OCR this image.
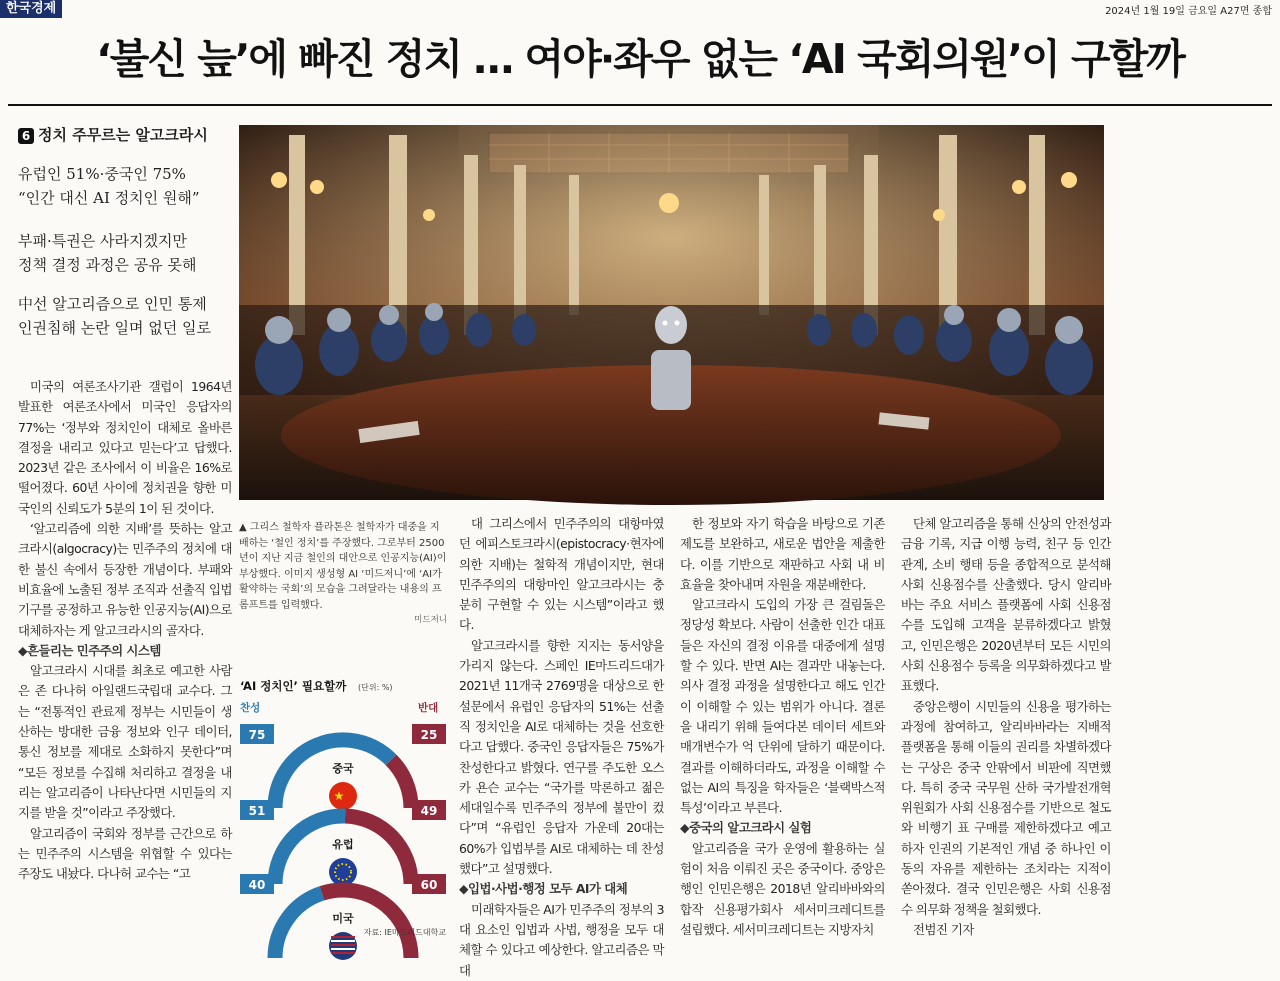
한국경제	2024년 1월 19일 금요일 A27면 종합
‘불신 늪’에 빠진 정치 … 여야·좌우 없는 ‘AI 국회의원’이 구할까
6 정치 주무르는 알고크라시
유럽인 51%·중국인 75%
“인간 대신 AI 정치인 원해”
부패·특권은 사라지겠지만
정책 결정 과정은 공유 못해
中선 알고리즘으로 인민 통제
인권침해 논란 일며 없던 일로
▲ 그리스 철학자 플라톤은 철학자가 대중을 지배하는 ‘철인 정치’를 주장했다. 그로부터 2500년이 지난 지금 철인의 대안으로 인공지능(AI)이 부상했다. 이미지 생성형 AI ‘미드저니’에 ‘AI가 활약하는 국회’의 모습을 그려달라는 내용의 프롬프트를 입력했다.
미드저니

미국의 여론조사기관 갤럽이 1964년 발표한 여론조사에서 미국인 응답자의 77%는 ‘정부와 정치인이 대체로 올바른 결정을 내리고 있다고 믿는다’고 답했다. 2023년 같은 조사에서 이 비율은 16%로 떨어졌다. 60년 사이에 정치권을 향한 미국인의 신뢰도가 5분의 1이 된 것이다.

‘알고리즘에 의한 지배’를 뜻하는 알고크라시(algocracy)는 민주주의 정치에 대한 불신 속에서 등장한 개념이다. 부패와 비효율에 노출된 정부 조직과 선출직 입법기구를 공정하고 유능한 인공지능(AI)으로 대체하자는 게 알고크라시의 골자다.

◆흔들리는 민주주의 시스템

알고크라시 시대를 최초로 예고한 사람은 존 다나허 아일랜드국립대 교수다. 그는 “전통적인 관료제 정부는 시민들이 생산하는 방대한 금융 정보와 인구 데이터, 통신 정보를 제대로 소화하지 못한다”며 “모든 정보를 수집해 처리하고 결정을 내리는 알고리즘이 나타난다면 시민들의 지지를 받을 것”이라고 주장했다.

알고리즘이 국회와 정부를 근간으로 하는 민주주의 시스템을 위협할 수 있다는 주장도 내놨다. 다나허 교수는 “고

대 그리스에서 민주주의의 대항마였던 에피스토크라시(epistocracy·현자에 의한 지배)는 철학적 개념이지만, 현대 민주주의의 대항마인 알고크라시는 충분히 구현할 수 있는 시스템”이라고 했다.

알고크라시를 향한 지지는 동서양을 가리지 않는다. 스페인 IE마드리드대가 2021년 11개국 2769명을 대상으로 한 설문에서 유럽인 응답자의 51%는 선출직 정치인을 AI로 대체하는 것을 선호한다고 답했다. 중국인 응답자들은 75%가 찬성한다고 밝혔다. 연구를 주도한 오스카 욘슨 교수는 “국가를 막론하고 젊은 세대일수록 민주주의 정부에 불만이 컸다”며 “유럽인 응답자 가운데 20대는 60%가 입법부를 AI로 대체하는 데 찬성했다”고 설명했다.

◆입법·사법·행정 모두 AI가 대체

미래학자들은 AI가 민주주의 정부의 3대 요소인 입법과 사법, 행정을 모두 대체할 수 있다고 예상한다. 알고리즘은 막대

한 정보와 자기 학습을 바탕으로 기존 제도를 보완하고, 새로운 법안을 제출한다. 이를 기반으로 재판하고 사회 내 비효율을 찾아내며 자원을 재분배한다.

알고크라시 도입의 가장 큰 걸림돌은 정당성 확보다. 사람이 선출한 인간 대표들은 자신의 결정 이유를 대중에게 설명할 수 있다. 반면 AI는 결과만 내놓는다. 의사 결정 과정을 설명한다고 해도 인간이 이해할 수 있는 범위가 아니다. 결론을 내리기 위해 들여다본 데이터 세트와 매개변수가 억 단위에 달하기 때문이다. 결과를 이해하더라도, 과정을 이해할 수 없는 AI의 특징을 학자들은 ‘블랙박스적 특성’이라고 부른다.

◆중국의 알고크라시 실험

알고리즘을 국가 운영에 활용하는 실험이 처음 이뤄진 곳은 중국이다. 중앙은행인 인민은행은 2018년 알리바바와의 합작 신용평가회사 세서미크레디트를 설립했다. 세서미크레디트는 지방자치

단체 알고리즘을 통해 신상의 안전성과 금융 기록, 지급 이행 능력, 친구 등 인간관계, 소비 행태 등을 종합적으로 분석해 사회 신용점수를 산출했다. 당시 알리바바는 주요 서비스 플랫폼에 사회 신용점수를 도입해 고객을 분류하겠다고 밝혔고, 인민은행은 2020년부터 모든 시민의 사회 신용점수 등록을 의무화하겠다고 발표했다.

중앙은행이 시민들의 신용을 평가하는 과정에 참여하고, 알리바바라는 지배적 플랫폼을 통해 이들의 권리를 차별하겠다는 구상은 중국 안팎에서 비판에 직면했다. 특히 중국 국무원 산하 국가발전개혁위원회가 사회 신용점수를 기반으로 철도와 비행기 표 구매를 제한하겠다고 예고하자 인권의 기본적인 개념 중 하나인 이동의 자유를 제한하는 조치라는 지적이 쏟아졌다. 결국 인민은행은 사회 신용점수 의무화 정책을 철회했다.

전범진 기자

‘AI 정치인’ 필요할까 (단위: %)
찬성	반대
75	25
중국
★
51	49
유럽
40	60
미국
자료: IE마드리드대학교
